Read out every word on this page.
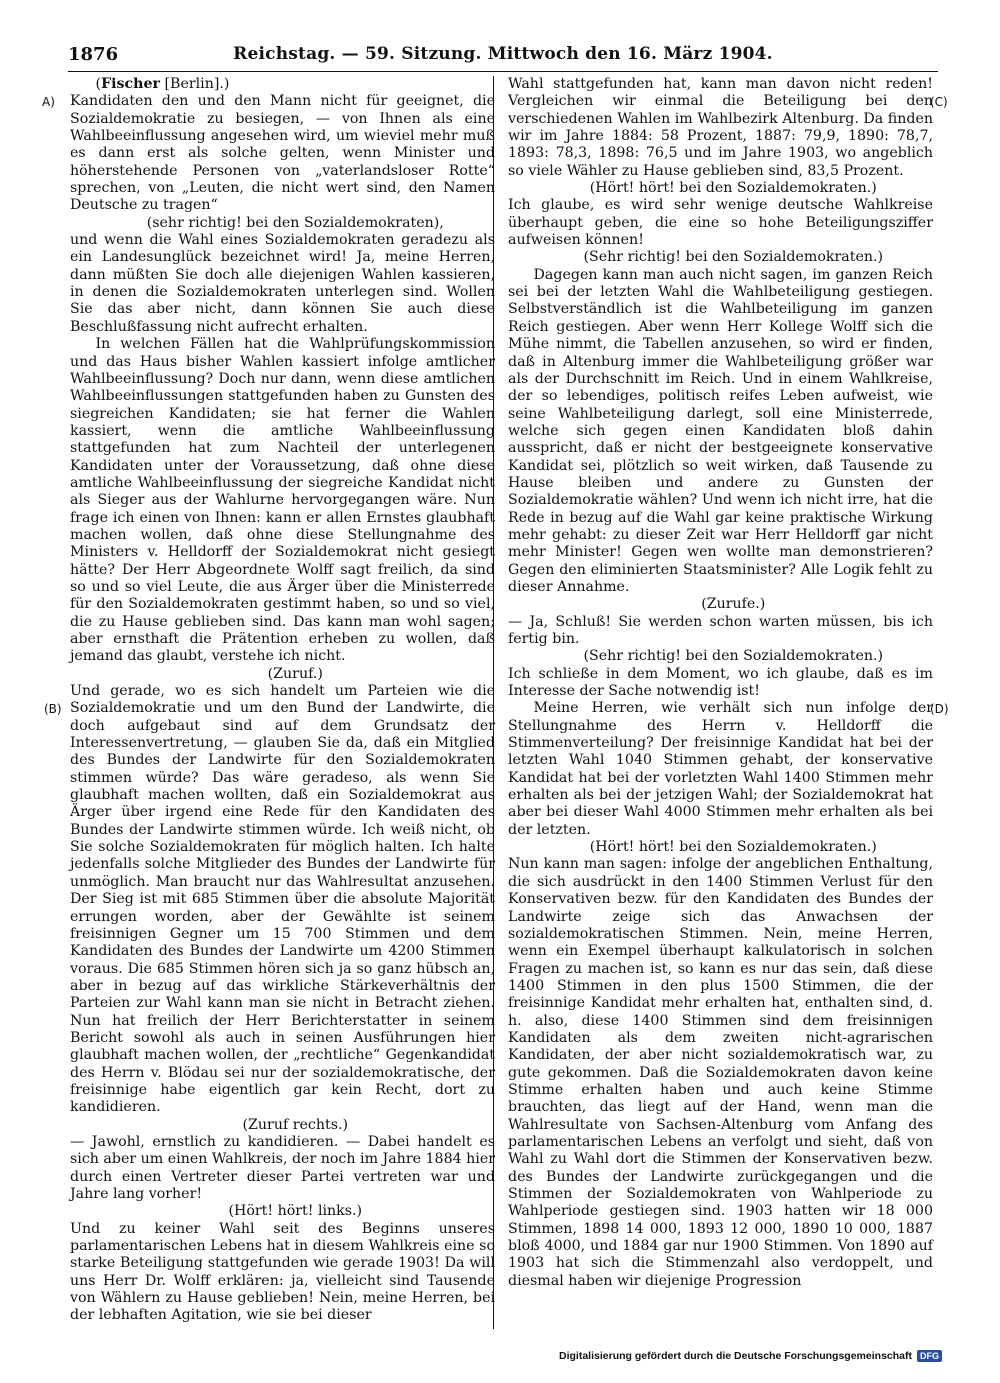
1876	Reichstag. — 59. Sitzung. Mittwoch den 16. März 1904.
A)
(B)
(C)
(D)

(Fischer [Berlin].)

Kandidaten den und den Mann nicht für geeignet, die Sozialdemokratie zu besiegen, — von Ihnen als eine Wahlbeeinflussung angesehen wird, um wieviel mehr muß es dann erst als solche gelten, wenn Minister und höherstehende Personen von „vaterlandsloser Rotte“ sprechen, von „Leuten, die nicht wert sind, den Namen Deutsche zu tragen“

(sehr richtig! bei den Sozialdemokraten),

und wenn die Wahl eines Sozialdemokraten geradezu als ein Landesunglück bezeichnet wird! Ja, meine Herren, dann müßten Sie doch alle diejenigen Wahlen kassieren, in denen die Sozialdemokraten unterlegen sind. Wollen Sie das aber nicht, dann können Sie auch diese Beschlußfassung nicht aufrecht erhalten.

In welchen Fällen hat die Wahlprüfungskommission und das Haus bisher Wahlen kassiert infolge amtlicher Wahlbeeinflussung? Doch nur dann, wenn diese amtlichen Wahlbeeinflussungen stattgefunden haben zu Gunsten des siegreichen Kandidaten; sie hat ferner die Wahlen kassiert, wenn die amtliche Wahlbeeinflussung stattgefunden hat zum Nachteil der unterlegenen Kandidaten unter der Voraussetzung, daß ohne diese amtliche Wahlbeeinflussung der siegreiche Kandidat nicht als Sieger aus der Wahlurne hervorgegangen wäre. Nun frage ich einen von Ihnen: kann er allen Ernstes glaubhaft machen wollen, daß ohne diese Stellungnahme des Ministers v. Helldorff der Sozialdemokrat nicht gesiegt hätte? Der Herr Abgeordnete Wolff sagt freilich, da sind so und so viel Leute, die aus Ärger über die Ministerrede für den Sozialdemokraten gestimmt haben, so und so viel, die zu Hause geblieben sind. Das kann man wohl sagen; aber ernsthaft die Prätention erheben zu wollen, daß jemand das glaubt, verstehe ich nicht.

(Zuruf.)

Und gerade, wo es sich handelt um Parteien wie die Sozialdemokratie und um den Bund der Landwirte, die doch aufgebaut sind auf dem Grundsatz der Interessenvertretung, — glauben Sie da, daß ein Mitglied des Bundes der Landwirte für den Sozialdemokraten stimmen würde? Das wäre geradeso, als wenn Sie glaubhaft machen wollten, daß ein Sozialdemokrat aus Ärger über irgend eine Rede für den Kandidaten des Bundes der Landwirte stimmen würde. Ich weiß nicht, ob Sie solche Sozialdemokraten für möglich halten. Ich halte jedenfalls solche Mitglieder des Bundes der Landwirte für unmöglich. Man braucht nur das Wahlresultat anzusehen. Der Sieg ist mit 685 Stimmen über die absolute Majorität errungen worden, aber der Gewählte ist seinem freisinnigen Gegner um 15 700 Stimmen und dem Kandidaten des Bundes der Landwirte um 4200 Stimmen voraus. Die 685 Stimmen hören sich ja so ganz hübsch an, aber in bezug auf das wirkliche Stärkeverhältnis der Parteien zur Wahl kann man sie nicht in Betracht ziehen. Nun hat freilich der Herr Berichterstatter in seinem Bericht sowohl als auch in seinen Ausführungen hier glaubhaft machen wollen, der „rechtliche“ Gegenkandidat des Herrn v. Blödau sei nur der sozialdemokratische, der freisinnige habe eigentlich gar kein Recht, dort zu kandidieren.

(Zuruf rechts.)

— Jawohl, ernstlich zu kandidieren. — Dabei handelt es sich aber um einen Wahlkreis, der noch im Jahre 1884 hier durch einen Vertreter dieser Partei vertreten war und Jahre lang vorher!

(Hört! hört! links.)

Und zu keiner Wahl seit des Beginns unseres parlamentarischen Lebens hat in diesem Wahlkreis eine so starke Beteiligung stattgefunden wie gerade 1903! Da will uns Herr Dr. Wolff erklären: ja, vielleicht sind Tausende von Wählern zu Hause geblieben! Nein, meine Herren, bei der lebhaften Agitation, wie sie bei dieser

Wahl stattgefunden hat, kann man davon nicht reden! Vergleichen wir einmal die Beteiligung bei den verschiedenen Wahlen im Wahlbezirk Altenburg. Da finden wir im Jahre 1884: 58 Prozent, 1887: 79,9, 1890: 78,7, 1893: 78,3, 1898: 76,5 und im Jahre 1903, wo angeblich so viele Wähler zu Hause geblieben sind, 83,5 Prozent.

(Hört! hört! bei den Sozialdemokraten.)

Ich glaube, es wird sehr wenige deutsche Wahlkreise überhaupt geben, die eine so hohe Beteiligungsziffer aufweisen können!

(Sehr richtig! bei den Sozialdemokraten.)

Dagegen kann man auch nicht sagen, im ganzen Reich sei bei der letzten Wahl die Wahlbeteiligung gestiegen. Selbstverständlich ist die Wahlbeteiligung im ganzen Reich gestiegen. Aber wenn Herr Kollege Wolff sich die Mühe nimmt, die Tabellen anzusehen, so wird er finden, daß in Altenburg immer die Wahlbeteiligung größer war als der Durchschnitt im Reich. Und in einem Wahlkreise, der so lebendiges, politisch reifes Leben aufweist, wie seine Wahlbeteiligung darlegt, soll eine Ministerrede, welche sich gegen einen Kandidaten bloß dahin ausspricht, daß er nicht der bestgeeignete konservative Kandidat sei, plötzlich so weit wirken, daß Tausende zu Hause bleiben und andere zu Gunsten der Sozialdemokratie wählen? Und wenn ich nicht irre, hat die Rede in bezug auf die Wahl gar keine praktische Wirkung mehr gehabt: zu dieser Zeit war Herr Helldorff gar nicht mehr Minister! Gegen wen wollte man demonstrieren? Gegen den eliminierten Staatsminister? Alle Logik fehlt zu dieser Annahme.

(Zurufe.)

— Ja, Schluß! Sie werden schon warten müssen, bis ich fertig bin.

(Sehr richtig! bei den Sozialdemokraten.)

Ich schließe in dem Moment, wo ich glaube, daß es im Interesse der Sache notwendig ist!

Meine Herren, wie verhält sich nun infolge der Stellungnahme des Herrn v. Helldorff die Stimmenverteilung? Der freisinnige Kandidat hat bei der letzten Wahl 1040 Stimmen gehabt, der konservative Kandidat hat bei der vorletzten Wahl 1400 Stimmen mehr erhalten als bei der jetzigen Wahl; der Sozialdemokrat hat aber bei dieser Wahl 4000 Stimmen mehr erhalten als bei der letzten.

(Hört! hört! bei den Sozialdemokraten.)

Nun kann man sagen: infolge der angeblichen Enthaltung, die sich ausdrückt in den 1400 Stimmen Verlust für den Konservativen bezw. für den Kandidaten des Bundes der Landwirte zeige sich das Anwachsen der sozialdemokratischen Stimmen. Nein, meine Herren, wenn ein Exempel überhaupt kalkulatorisch in solchen Fragen zu machen ist, so kann es nur das sein, daß diese 1400 Stimmen in den plus 1500 Stimmen, die der freisinnige Kandidat mehr erhalten hat, enthalten sind, d. h. also, diese 1400 Stimmen sind dem freisinnigen Kandidaten als dem zweiten nicht-agrarischen Kandidaten, der aber nicht sozialdemokratisch war, zu gute gekommen. Daß die Sozialdemokraten davon keine Stimme erhalten haben und auch keine Stimme brauchten, das liegt auf der Hand, wenn man die Wahlresultate von Sachsen-Altenburg vom Anfang des parlamentarischen Lebens an verfolgt und sieht, daß von Wahl zu Wahl dort die Stimmen der Konservativen bezw. des Bundes der Landwirte zurückgegangen und die Stimmen der Sozialdemokraten von Wahlperiode zu Wahlperiode gestiegen sind. 1903 hatten wir 18 000 Stimmen, 1898 14 000, 1893 12 000, 1890 10 000, 1887 bloß 4000, und 1884 gar nur 1900 Stimmen. Von 1890 auf 1903 hat sich die Stimmenzahl also verdoppelt, und diesmal haben wir diejenige Progression

Digitalisierung gefördert durch die Deutsche Forschungsgemeinschaft DFG
